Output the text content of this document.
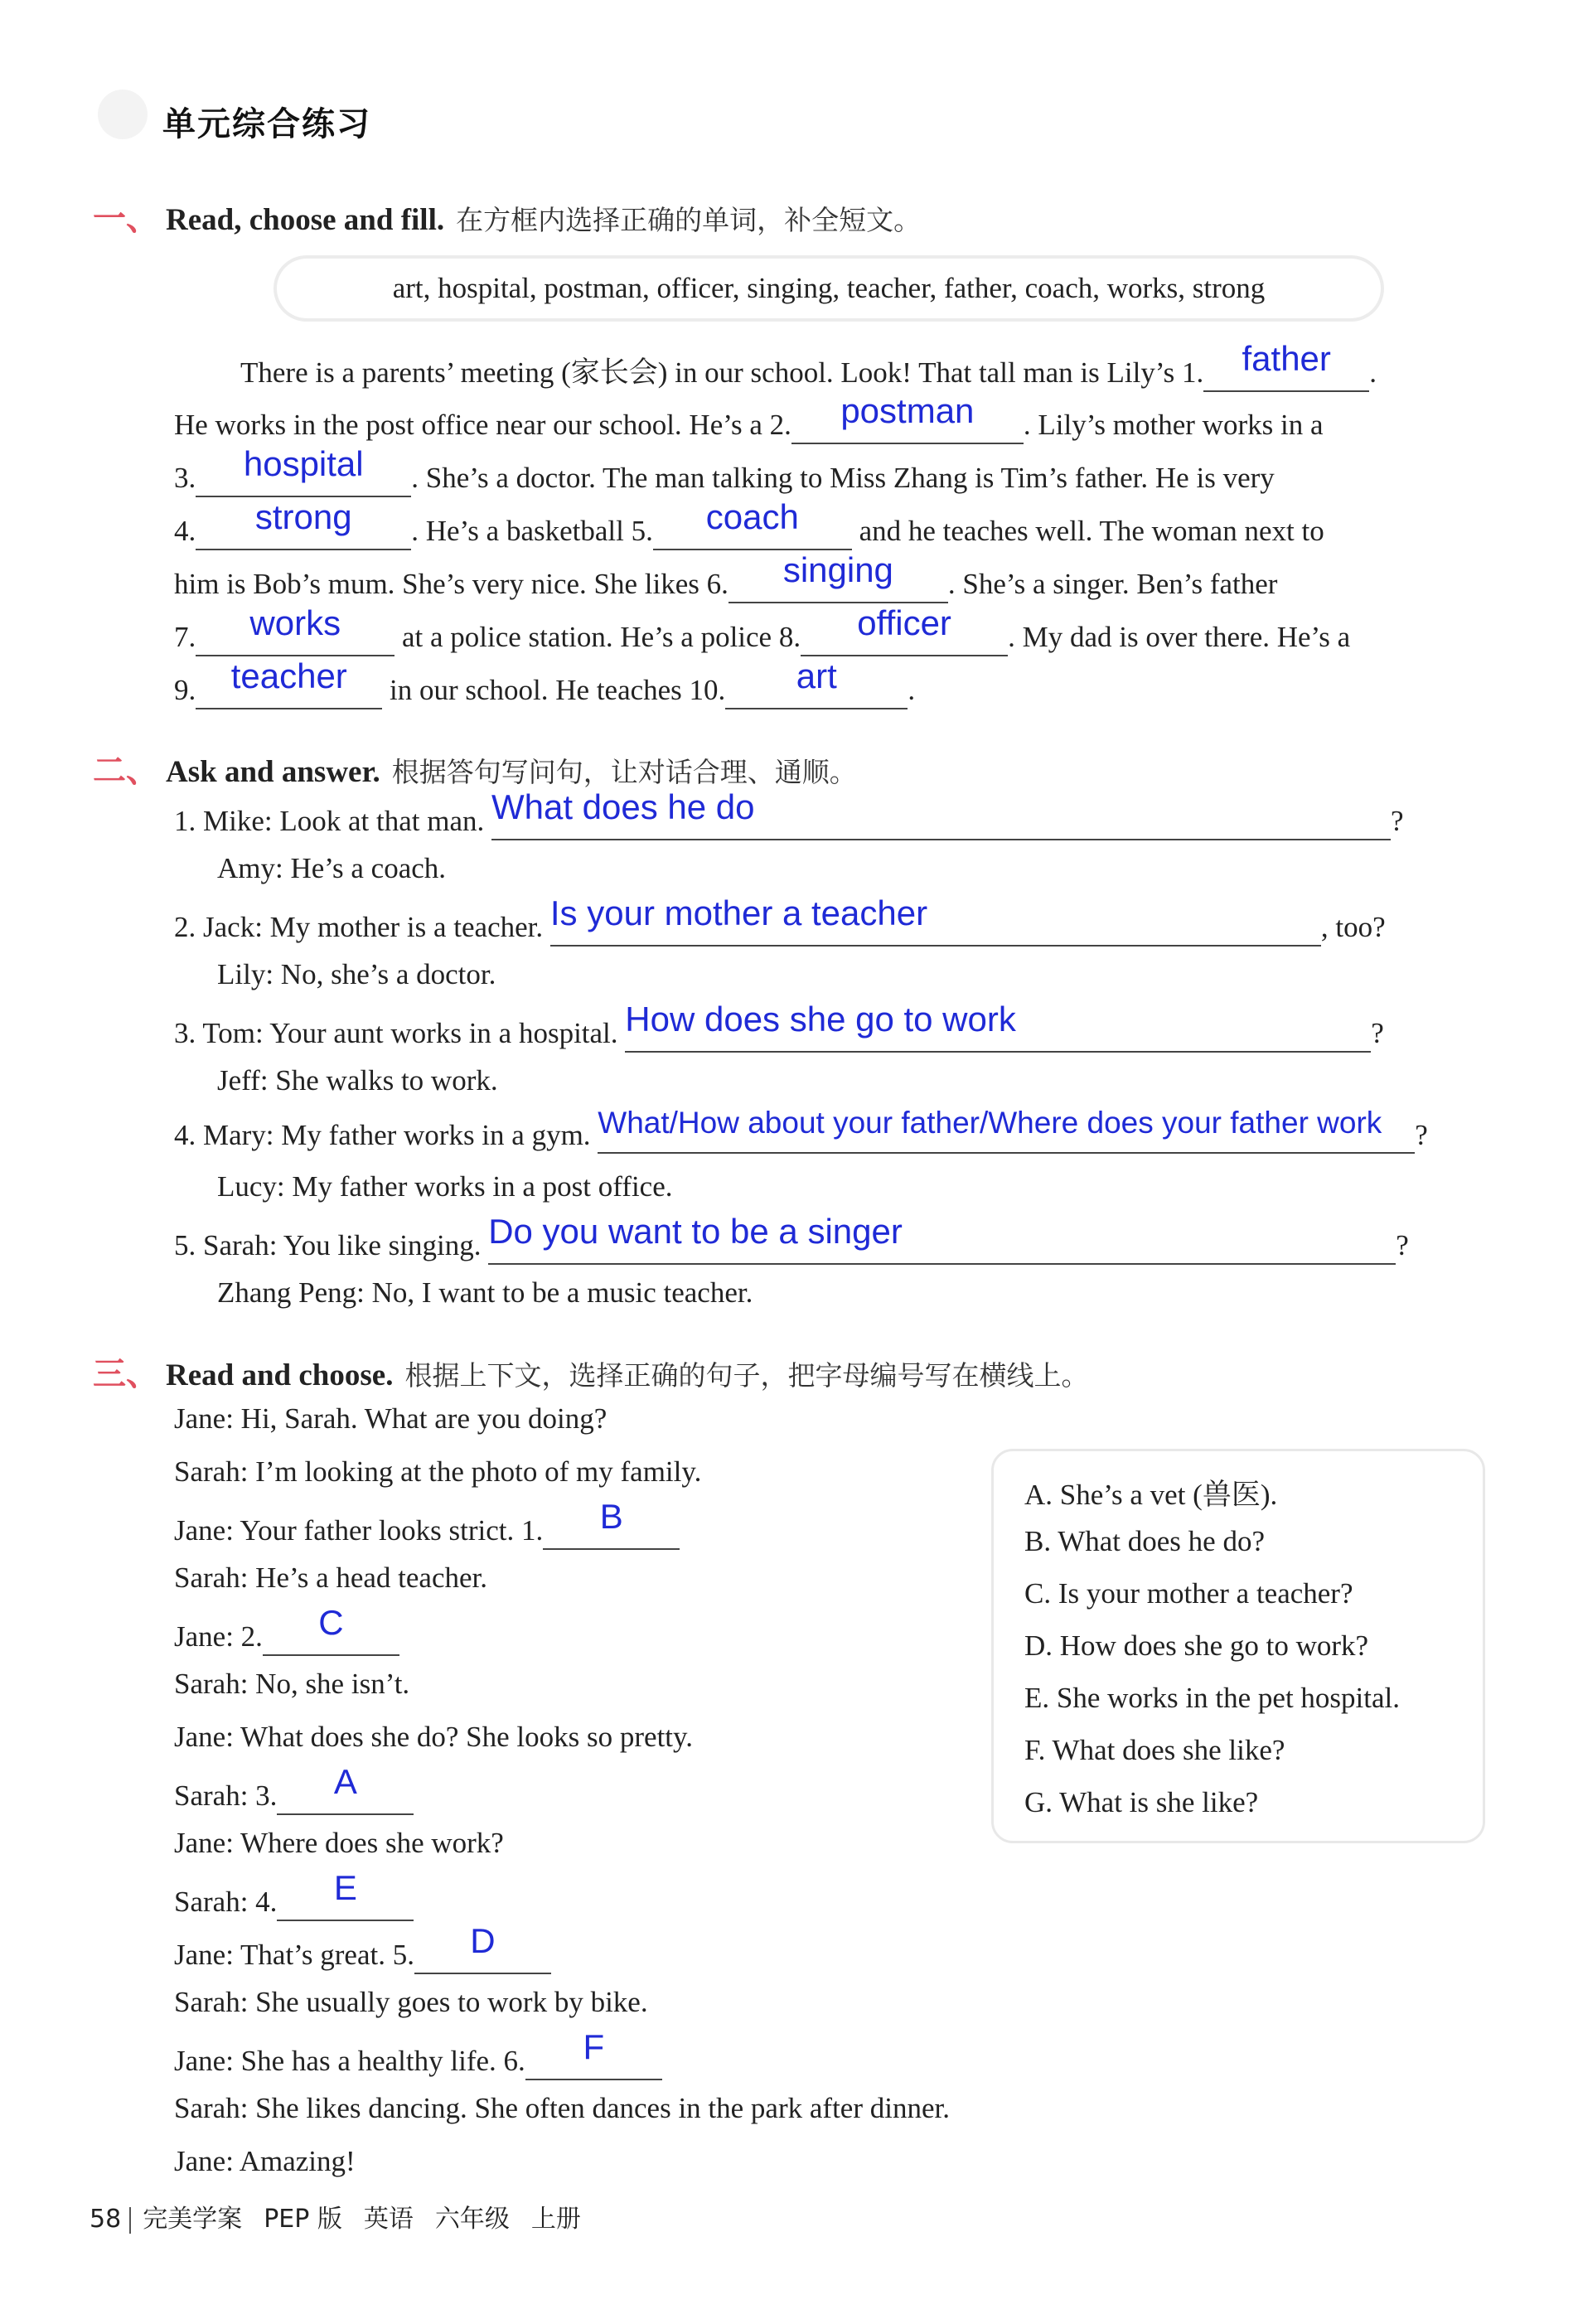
单元综合练习
一、 Read, choose and fill. 在方框内选择正确的单词，补全短文。
art, hospital, postman, officer, singing, teacher, father, coach, works, strong
There is a parents’ meeting (家长会) in our school. Look! That tall man is Lily’s 1. father .
He works in the post office near our school. He’s a 2. postman . Lily’s mother works in a
3. hospital . She’s a doctor. The man talking to Miss Zhang is Tim’s father. He is very
4. strong . He’s a basketball 5. coach and he teaches well. The woman next to
him is Bob’s mum. She’s very nice. She likes 6. singing . She’s a singer. Ben’s father
7. works at a police station. He’s a police 8. officer . My dad is over there. He’s a
9. teacher in our school. He teaches 10. art .
二、 Ask and answer. 根据答句写问句，让对话合理、通顺。
1. Mike: Look at that man. What does he do	?
Amy: He’s a coach.
2. Jack: My mother is a teacher. Is your mother a teacher	, too?
Lily: No, she’s a doctor.
3. Tom: Your aunt works in a hospital. How does she go to work	?
Jeff: She walks to work.
4. Mary: My father works in a gym. What/How about your father/Where does your father work ?
Lucy: My father works in a post office.
5. Sarah: You like singing. Do you want to be a singer	?
Zhang Peng: No, I want to be a music teacher.
三、 Read and choose. 根据上下文，选择正确的句子，把字母编号写在横线上。
Jane: Hi, Sarah. What are you doing?
Sarah: I’m looking at the photo of my family.
Jane: Your father looks strict. 1. B
Sarah: He’s a head teacher.
Jane: 2. C
Sarah: No, she isn’t.
Jane: What does she do? She looks so pretty.
Sarah: 3. A
Jane: Where does she work?
Sarah: 4. E
Jane: That’s great. 5. D
Sarah: She usually goes to work by bike.
Jane: She has a healthy life. 6. F
Sarah: She likes dancing. She often dances in the park after dinner.
Jane: Amazing!
A. She’s a vet (兽医).
B. What does he do?
C. Is your mother a teacher?
D. How does she go to work?
E. She works in the pet hospital.
F. What does she like?
G. What is she like?
58 完美学案 PEP 版 英语 六年级 上册
